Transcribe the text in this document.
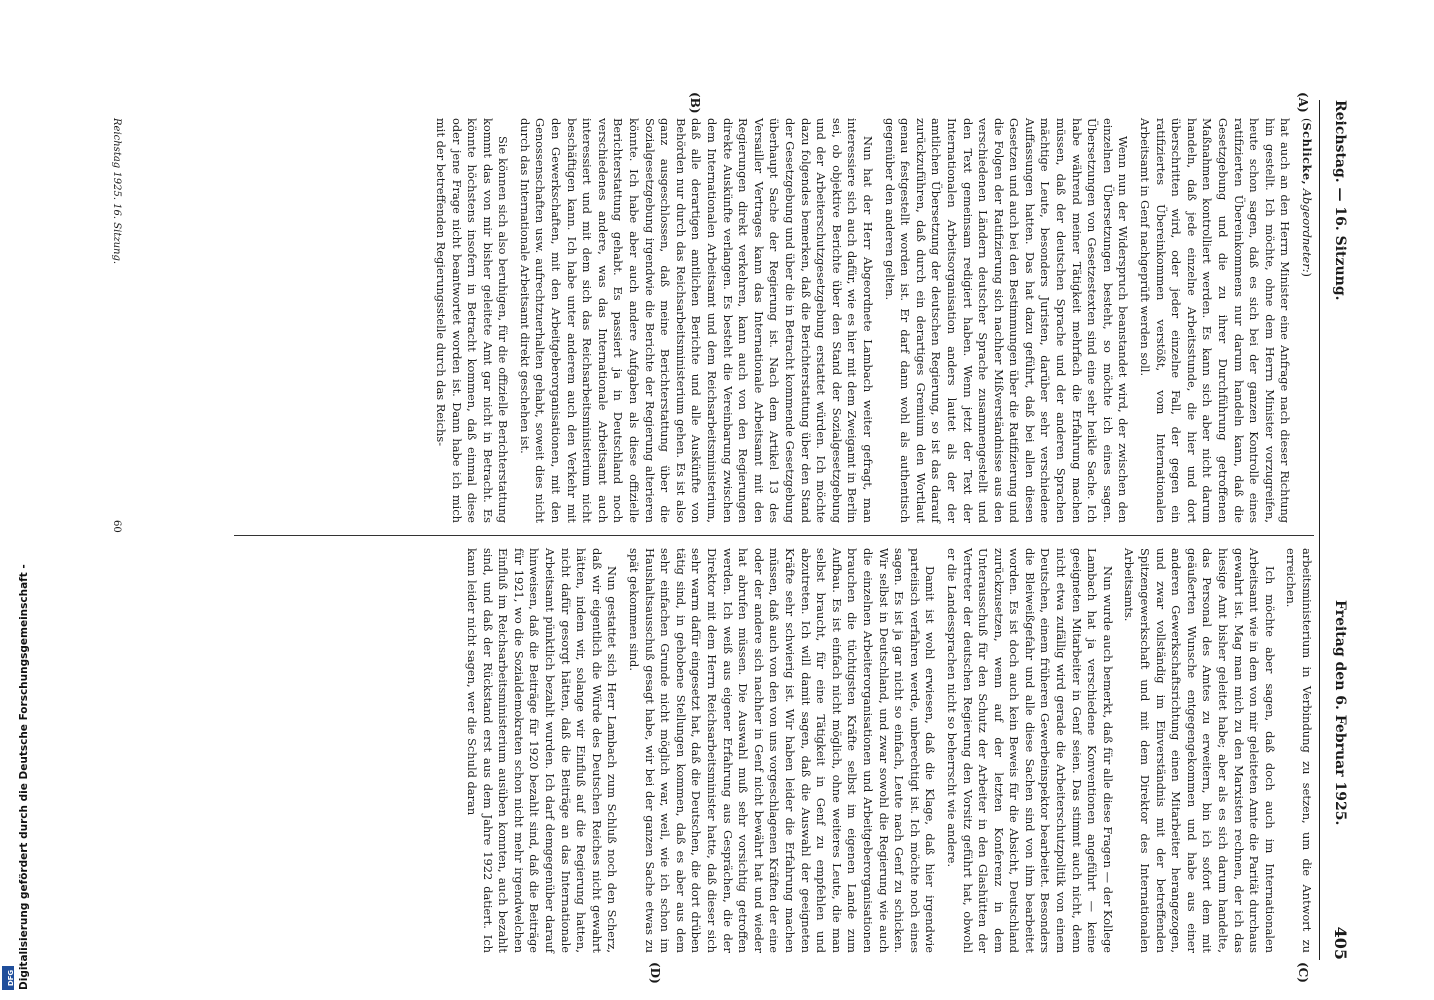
DFG Digitalisierung gefördert durch die Deutsche Forschungsgemeinschaft -
Reichstag. — 16. Sitzung.
Freitag den 6. Februar 1925.
405
(A)
(B)
(C)
(D)

(Schlicke, Abgeordneter:)

hat auch an den Herrn Minister eine Anfrage nach dieser Richtung hin gestellt. Ich möchte, ohne dem Herrn Minister vorzugreifen, heute schon sagen, daß es sich bei der ganzen Kontrolle eines ratifizierten Übereinkommens nur darum handeln kann, daß die Gesetzgebung und die zu ihrer Durchführung getroffenen Maßnahmen kontrolliert werden. Es kann sich aber nicht darum handeln, daß jede einzelne Arbeitsstunde, die hier und dort überschritten wird, oder jeder einzelne Fall, der gegen ein ratifiziertes Übereinkommen verstößt, vom Internationalen Arbeitsamt in Genf nachgeprüft werden soll.

Wenn nun der Widerspruch beanstandet wird, der zwischen den einzelnen Übersetzungen besteht, so möchte ich eines sagen. Übersetzungen von Gesetzestexten sind eine sehr heikle Sache. Ich habe während meiner Tätigkeit mehrfach die Erfahrung machen müssen, daß der deutschen Sprache und der anderen Sprachen mächtige Leute, besonders Juristen, darüber sehr verschiedene Auffassungen hatten. Das hat dazu geführt, daß bei allen diesen Gesetzen und auch bei den Bestimmungen über die Ratifizierung und die Folgen der Ratifizierung sich nachher Mißverständnisse aus den verschiedenen Ländern deutscher Sprache zusammengestellt und den Text gemeinsam redigiert haben. Wenn jetzt der Text der Internationalen Arbeitsorganisation anders lautet als der der amtlichen Übersetzung der deutschen Regierung, so ist das darauf zurückzuführen, daß durch ein derartiges Gremium den Wortlaut genau festgestellt worden ist. Er darf dann wohl als authentisch gegenüber den anderen gelten.

Nun hat der Herr Abgeordnete Lambach weiter gefragt, man interessiere sich auch dafür, wie es hier mit dem Zweigamt in Berlin sei, ob objektive Berichte über den Stand der Sozialgesetzgebung und der Arbeiterschutzgesetzgebung erstattet würden. Ich möchte dazu folgendes bemerken, daß die Berichterstattung über den Stand der Gesetzgebung und über die in Betracht kommende Gesetzgebung überhaupt Sache der Regierung ist. Nach dem Artikel 13 des Versailler Vertrages kann das Internationale Arbeitsamt mit den Regierungen direkt verkehren, kann auch von den Regierungen direkte Auskünfte verlangen. Es besteht die Vereinbarung zwischen dem Internationalen Arbeitsamt und dem Reichsarbeitsministerium, daß alle derartigen amtlichen Berichte und alle Auskünfte von Behörden nur durch das Reichsarbeitsministerium gehen. Es ist also ganz ausgeschlossen, daß meine Berichterstattung über die Sozialgesetzgebung irgendwie die Berichte der Regierung alterieren könnte. Ich habe aber auch andere Aufgaben als diese offizielle Berichterstattung gehabt. Es passiert ja in Deutschland noch verschiedenes andere, was das Internationale Arbeitsamt auch interessiert und mit dem sich das Reichsarbeitsministerium nicht beschäftigen kann. Ich habe unter anderem auch den Verkehr mit den Gewerkschaften, mit den Arbeitgeberorganisationen, mit den Genossenschaften usw. aufrechtzuerhalten gehabt, soweit dies nicht durch das Internationale Arbeitsamt direkt geschehen ist.

Sie können sich also beruhigen, für die offizielle Berichterstattung kommt das von mir bisher geleitete Amt gar nicht in Betracht. Es könnte höchstens insofern in Betracht kommen, daß einmal diese oder jene Frage nicht beantwortet worden ist. Dann habe ich mich mit der betreffenden Regierungsstelle durch das Reichs-

arbeitsministerium in Verbindung zu setzen, um die Antwort zu erreichen.

Ich möchte aber sagen, daß doch auch im Internationalen Arbeitsamt wie in dem von mir geleiteten Amte die Parität durchaus gewahrt ist. Mag man mich zu den Marxisten rechnen, der ich das hiesige Amt bisher geleitet habe; aber als es sich darum handelte, das Personal des Amtes zu erweitern, bin ich sofort dem mit geäußerten Wunsche entgegengekommen und habe aus einer anderen Gewerkschaftsrichtung einen Mitarbeiter herangezogen, und zwar vollständig im Einverständnis mit der betreffenden Spitzengewerkschaft und mit dem Direktor des Internationalen Arbeitsamts.

Nun wurde auch bemerkt, daß für alle diese Fragen — der Kollege Lambach hat ja verschiedene Konventionen angeführt — keine geeigneten Mitarbeiter in Genf seien. Das stimmt auch nicht, denn nicht etwa zufällig wird gerade die Arbeiterschutzpolitik von einem Deutschen, einem früheren Gewerbeinspektor bearbeitet. Besonders die Bleiweißgefahr und alle diese Sachen sind von ihm bearbeitet worden. Es ist doch auch kein Beweis für die Absicht, Deutschland zurückzusetzen, wenn auf der letzten Konferenz in dem Unterausschuß für den Schutz der Arbeiter in den Glashütten der Vertreter der deutschen Regierung den Vorsitz geführt hat, obwohl er die Landessprachen nicht so beherrscht wie andere.

Damit ist wohl erwiesen, daß die Klage, daß hier irgendwie parteiisch verfahren werde, unberechtigt ist. Ich möchte noch eines sagen. Es ist ja gar nicht so einfach, Leute nach Genf zu schicken. Wir selbst in Deutschland, und zwar sowohl die Regierung wie auch die einzelnen Arbeiterorganisationen und Arbeitgeberorganisationen brauchen die tüchtigsten Kräfte selbst im eigenen Lande zum Aufbau. Es ist einfach nicht möglich, ohne weiteres Leute, die man selbst braucht, für eine Tätigkeit in Genf zu empfehlen und abzutreten. Ich will damit sagen, daß die Auswahl der geeigneten Kräfte sehr schwierig ist. Wir haben leider die Erfahrung machen müssen, daß auch von den von uns vorgeschlagenen Kräften der eine oder der andere sich nachher in Genf nicht bewährt hat und wieder hat abrufen müssen. Die Auswahl muß sehr vorsichtig getroffen werden. Ich weiß aus eigener Erfahrung aus Gesprächen, die der Direktor mit dem Herrn Reichsarbeitsminister hatte, daß dieser sich sehr warm dafür eingesetzt hat, daß die Deutschen, die dort drüben tätig sind, in gehobene Stellungen kommen, daß es aber aus dem sehr einfachen Grunde nicht möglich war, weil, wie ich schon im Haushaltsausschuß gesagt habe, wir bei der ganzen Sache etwas zu spät gekommen sind.

Nun gestattet sich Herr Lambach zum Schluß noch den Scherz, daß wir eigentlich die Würde des Deutschen Reiches nicht gewahrt hätten, indem wir, solange wir Einfluß auf die Regierung hatten, nicht dafür gesorgt hätten, daß die Beiträge an das Internationale Arbeitsamt pünktlich bezahlt wurden. Ich darf demgegenüber darauf hinweisen, daß die Beiträge für 1920 bezahlt sind, daß die Beiträge für 1921, wo die Sozialdemokraten schon nicht mehr irgendwelchen Einfluß im Reichsarbeitsministerium ausüben konnten, auch bezahlt sind, und daß der Rückstand erst aus dem Jahre 1922 datiert. Ich kann leider nicht sagen, wer die Schuld daran

Reichstag 1925. 16. Sitzung.
60
